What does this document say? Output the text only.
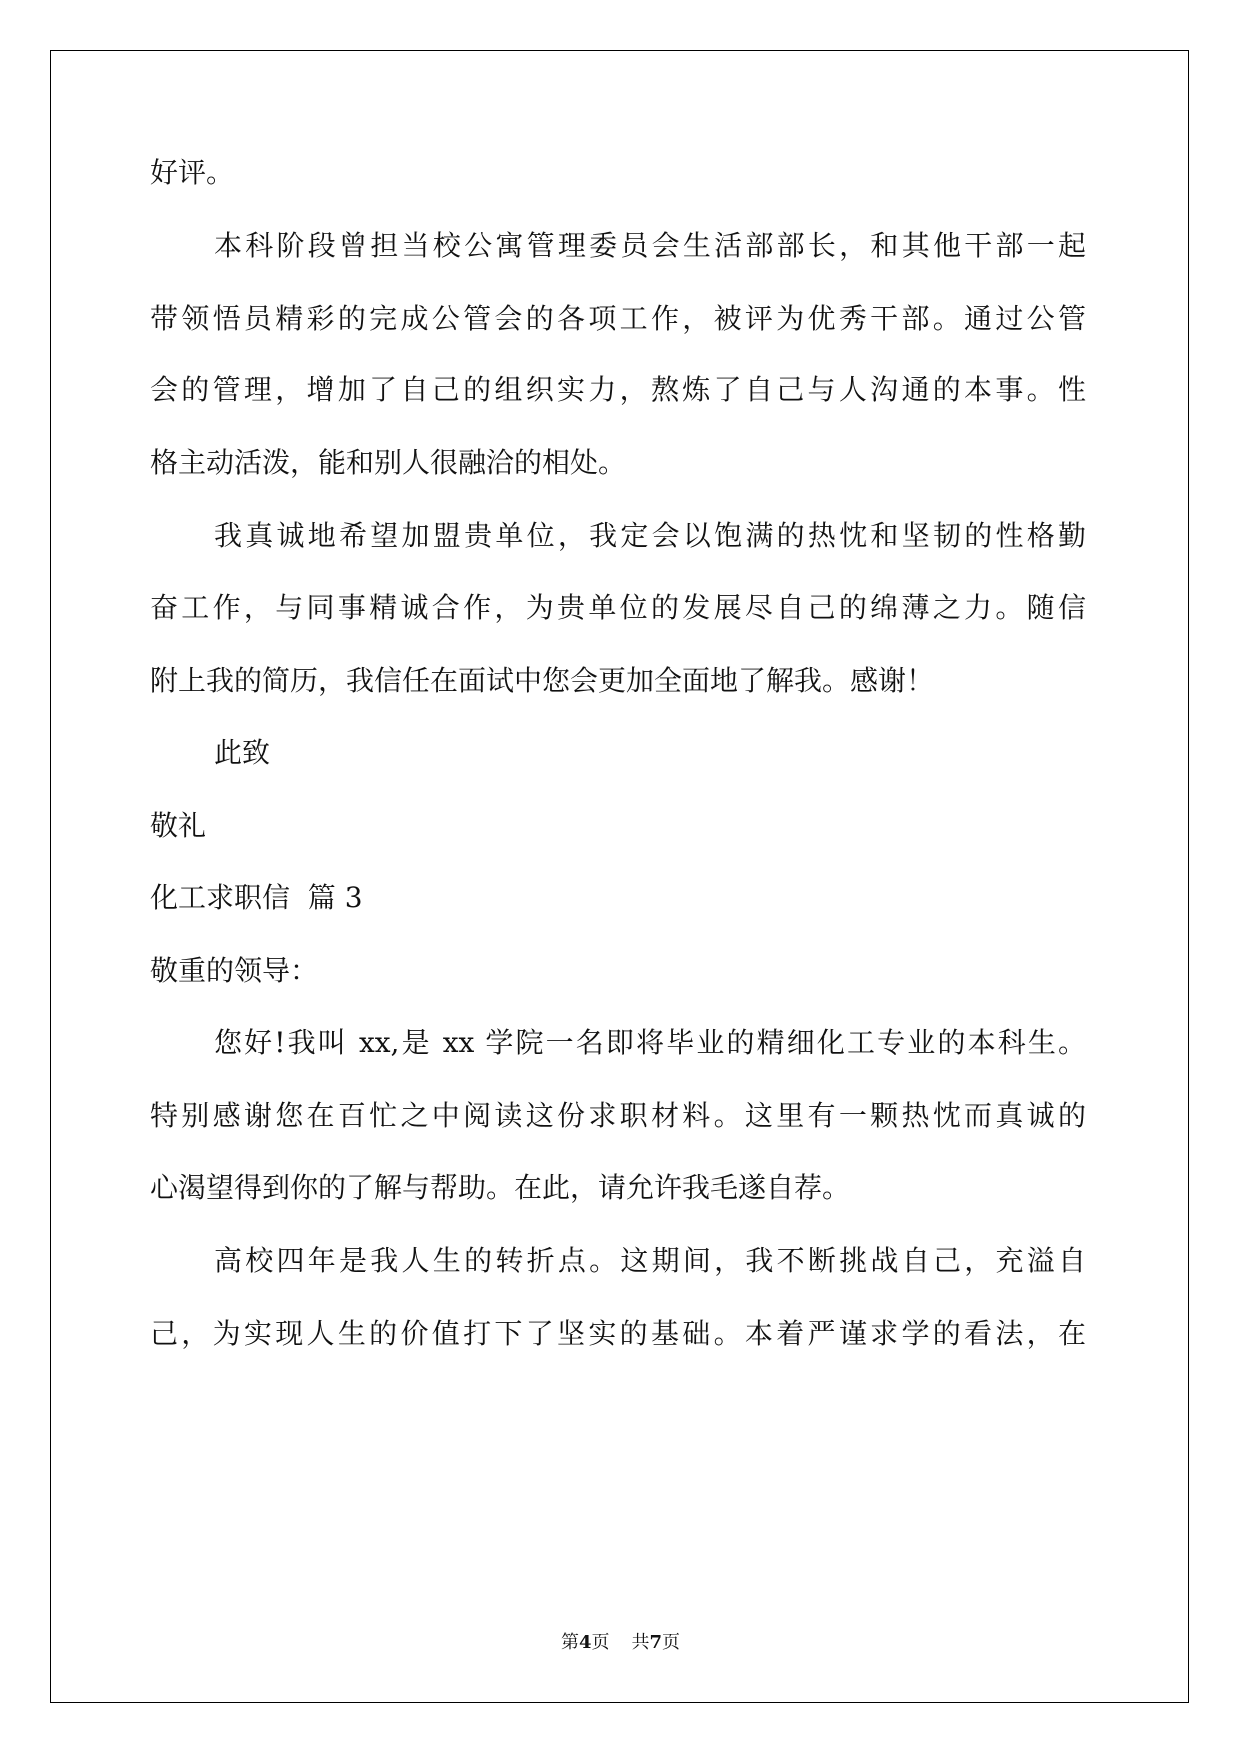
好评。
本科阶段曾担当校公寓管理委员会生活部部长，和其他干部一起
带领悟员精彩的完成公管会的各项工作，被评为优秀干部。通过公管
会的管理，增加了自己的组织实力，熬炼了自己与人沟通的本事。性
格主动活泼，能和别人很融洽的相处。
我真诚地希望加盟贵单位，我定会以饱满的热忱和坚韧的性格勤
奋工作，与同事精诚合作，为贵单位的发展尽自己的绵薄之力。随信
附上我的简历，我信任在面试中您会更加全面地了解我。感谢！
此致
敬礼
化工求职信  篇 3
敬重的领导：
您好!我叫 xx,是 xx 学院一名即将毕业的精细化工专业的本科生。
特别感谢您在百忙之中阅读这份求职材料。这里有一颗热忱而真诚的
心渴望得到你的了解与帮助。在此，请允许我毛遂自荐。
高校四年是我人生的转折点。这期间，我不断挑战自己，充溢自
己，为实现人生的价值打下了坚实的基础。本着严谨求学的看法，在
第4页 共7页
